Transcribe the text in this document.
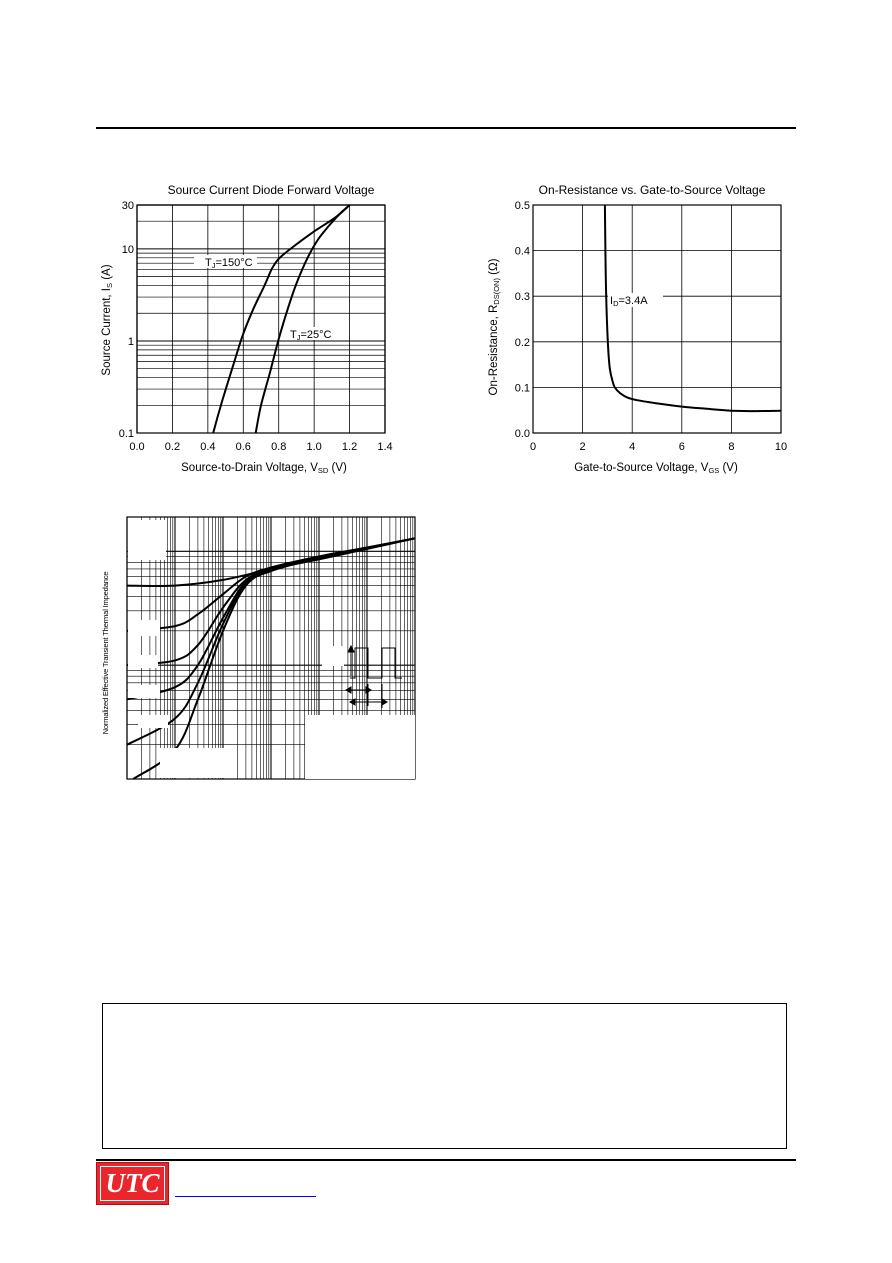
Source Current Diode Forward Voltage
0.0 0.2 0.4 0.6 0.8 1.0 1.2 1.4
0.1
1
10
30
Source-to-Drain Voltage, VSD (V)
Source Current, IS (A)
TJ=150°C
TJ=25°C
On-Resistance vs. Gate-to-Source Voltage
0	2	4	6	8	10
0.0
0.1
0.2
0.3
0.4
0.5
Gate-to-Source Voltage, VGS (V)
On-Resistance, RDS(ON) (Ω)
ID=3.4A
Normalized Effective Transient Thermal Impedance
UTC
